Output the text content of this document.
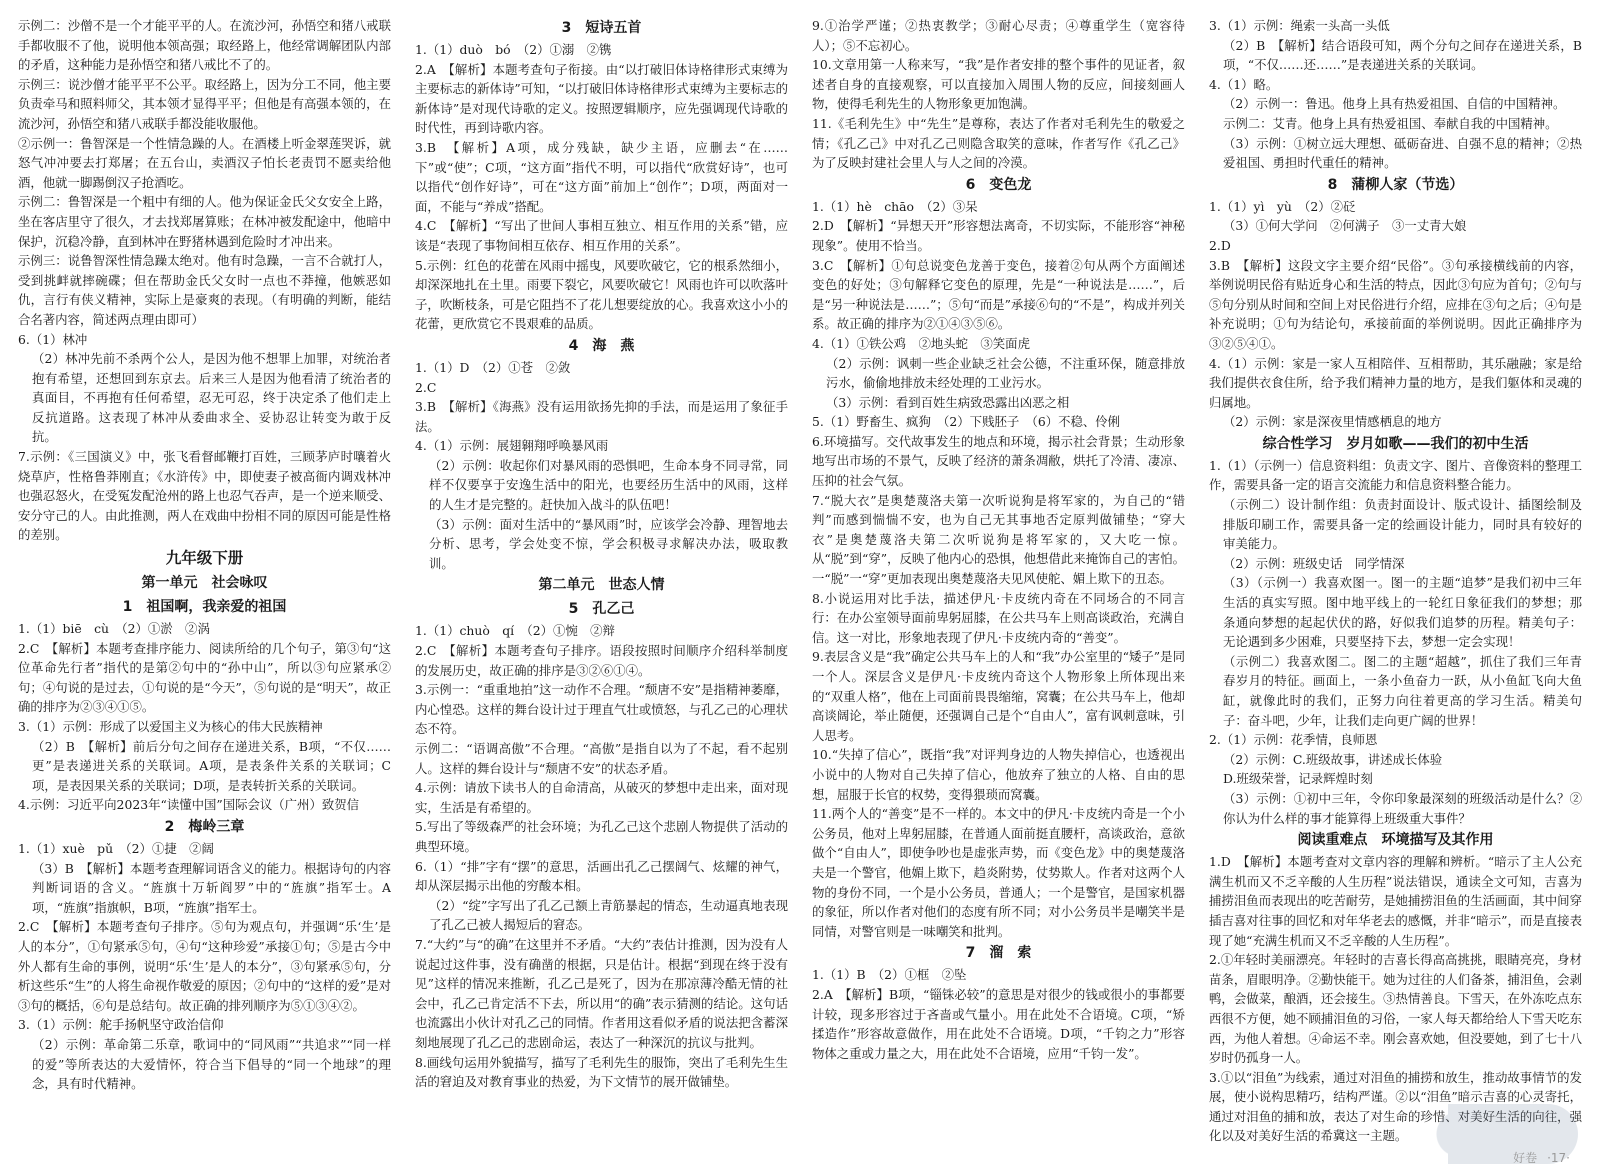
示例二：沙僧不是一个才能平平的人。在流沙河，孙悟空和猪八戒联手都收服不了他，说明他本领高强；取经路上，他经常调解团队内部的矛盾，这种能力是孙悟空和猪八戒比不了的。
示例三：说沙僧才能平平不公平。取经路上，因为分工不同，他主要负责牵马和照料师父，其本领才显得平平；但他是有高强本领的，在流沙河，孙悟空和猪八戒联手都没能收服他。
②示例一：鲁智深是一个性情急躁的人。在酒楼上听金翠莲哭诉，就怒气冲冲要去打郑屠；在五台山，卖酒汉子怕长老责罚不愿卖给他酒，他就一脚踢倒汉子抢酒吃。
示例二：鲁智深是一个粗中有细的人。他为保证金氏父女安全上路，坐在客店里守了很久，才去找郑屠算账；在林冲被发配途中，他暗中保护，沉稳冷静，直到林冲在野猪林遇到危险时才冲出来。
示例三：说鲁智深性情急躁太绝对。他有时急躁，一言不合就打人，受到挑衅就摔碗碟；但在帮助金氏父女时一点也不莽撞，他嫉恶如仇，言行有侠义精神，实际上是豪爽的表现。（有明确的判断，能结合名著内容，简述两点理由即可）
6.（1）林冲
（2）林冲先前不杀两个公人，是因为他不想罪上加罪，对统治者抱有希望，还想回到东京去。后来三人是因为他看清了统治者的真面目，不再抱有任何希望，忍无可忍，终于决定杀了他们走上反抗道路。这表现了林冲从委曲求全、妥协忍让转变为敢于反抗。
7.示例：《三国演义》中，张飞看督邮鞭打百姓，三顾茅庐时嚷着火烧草庐，性格鲁莽刚直；《水浒传》中，即使妻子被高衙内调戏林冲也强忍怒火，在受冤发配沧州的路上也忍气吞声，是一个逆来顺受、安分守己的人。由此推测，两人在戏曲中扮相不同的原因可能是性格的差别。
九年级下册
第一单元　社会咏叹
1　祖国啊，我亲爱的祖国
1.（1）biē　cù　（2）①淤　②涡
2.C　【解析】本题考查排序能力、阅读所给的几个句子，第③句“这位革命先行者”指代的是第②句中的“孙中山”，所以③句应紧承②句；④句说的是过去，①句说的是“今天”，⑤句说的是“明天”，故正确的排序为②③④①⑤。
3.（1）示例：形成了以爱国主义为核心的伟大民族精神
（2）B　【解析】前后分句之间存在递进关系，B项，“不仅……更”是表递进关系的关联词。A项，是表条件关系的关联词；C项，是表因果关系的关联词；D项，是表转折关系的关联词。
4.示例：习近平向2023年“读懂中国”国际会议（广州）致贺信
2　梅岭三章
1.（1）xuè　pǔ　（2）①捷　②阔
（3）B　【解析】本题考查理解词语含义的能力。根据诗句的内容判断词语的含义。“旌旗十万斩阎罗”中的“旌旗”指军士。A项，“旌旗”指旗帜，B项，“旌旗”指军士。
2.C　【解析】本题考查句子排序。⑤句为观点句，并强调“乐‘生’是人的本分”，①句紧承⑤句，④句“这种珍爱”承接①句；⑤是古今中外人都有生命的事例，说明“乐‘生’是人的本分”，③句紧承⑤句，分析这些乐“生”的人将生命视作敬爱的原因；②句中的“这样的爱”是对③句的概括，⑥句是总结句。故正确的排列顺序为⑤①③④②。
3.（1）示例：舵手扬帆坚守政治信仰
（2）示例：革命第二乐章，歌词中的“同风雨”“共追求”“同一样的爱”等所表达的大爱情怀，符合当下倡导的“同一个地球”的理念，具有时代精神。
3　短诗五首
1.（1）duò　bó　（2）①溺　②镌
2.A　【解析】本题考查句子衔接。由“以打破旧体诗格律形式束缚为主要标志的新体诗”可知，“以打破旧体诗格律形式束缚为主要标志的新体诗”是对现代诗歌的定义。按照逻辑顺序，应先强调现代诗歌的时代性，再到诗歌内容。
3.B　【解析】A项，成分残缺，缺少主语，应删去“在……下”或“使”；C项，“这方面”指代不明，可以指代“欣赏好诗”，也可以指代“创作好诗”，可在“这方面”前加上“创作”；D项，两面对一面，不能与“养成”搭配。
4.C　【解析】“写出了世间人事相互独立、相互作用的关系”错，应该是“表现了事物间相互依存、相互作用的关系”。
5.示例：红色的花蕾在风雨中摇曳，风要吹破它，它的根系然细小，却深深地扎在土里。雨要下裂它，风要吹破它！风雨也许可以吹落叶子，吹断枝条，可是它阻挡不了花儿想要绽放的心。我喜欢这小小的花蕾，更欣赏它不畏艰难的品质。
4　海　燕
1.（1）D　（2）①苍　②敛
2.C
3.B　【解析】《海燕》没有运用欲扬先抑的手法，而是运用了象征手法。
4.（1）示例：展翅翱翔呼唤暴风雨
（2）示例：收起你们对暴风雨的恐惧吧，生命本身不同寻常，同样不仅要享于安逸生活中的阳光，也要经历生活中的风雨，这样的人生才是完整的。赶快加入战斗的队伍吧！
（3）示例：面对生活中的“暴风雨”时，应该学会冷静、理智地去分析、思考，学会处变不惊，学会积极寻求解决办法，吸取教训。
第二单元　世态人情
5　孔乙己
1.（1）chuò　qí　（2）①惋　②辩
2.C　【解析】本题考查句子排序。语段按照时间顺序介绍科举制度的发展历史，故正确的排序是③②⑥①④。
3.示例一：“重重地拍”这一动作不合理。“颓唐不安”是指精神萎靡，内心惶恐。这样的舞台设计过于理直气壮或愤怒，与孔乙己的心理状态不符。
示例二：“语调高傲”不合理。“高傲”是指自以为了不起，看不起别人。这样的舞台设计与“颓唐不安”的状态矛盾。
4.示例：请放下读书人的自命清高，从破灭的梦想中走出来，面对现实，生活是有希望的。
5.写出了等级森严的社会环境；为孔乙己这个悲剧人物提供了活动的典型环境。
6.（1）“排”字有“摆”的意思，活画出孔乙己摆阔气、炫耀的神气，却从深层揭示出他的穷酸本相。
（2）“绽”字写出了孔乙己额上青筋暴起的情态，生动逼真地表现了孔乙己被人揭短后的窘态。
7.“大约”与“的确”在这里并不矛盾。“大约”表估计推测，因为没有人说起过这件事，没有确凿的根据，只是估计。根据“到现在终于没有见”这样的情况来推断，孔乙己是死了，因为在那凉薄冷酷无情的社会中，孔乙己肯定活不下去，所以用“的确”表示猜测的结论。这句话也流露出小伙计对孔乙己的同情。作者用这看似矛盾的说法把含蓄深刻地展现了孔乙己的悲剧命运，表达了一种深沉的抗议与批判。
8.画线句运用外貌描写，描写了毛利先生的服饰，突出了毛利先生生活的窘迫及对教育事业的热爱，为下文情节的展开做铺垫。
9.①治学严谨；②热衷教学；③耐心尽责；④尊重学生（宽容待人）；⑤不忘初心。
10.文章用第一人称来写，“我”是作者安排的整个事件的见证者，叙述者自身的直接观察，可以直接加入周围人物的反应，间接刻画人物，使得毛利先生的人物形象更加饱满。
11.《毛利先生》中“先生”是尊称，表达了作者对毛利先生的敬爱之情；《孔乙己》中对孔乙己则隐含取笑的意味，作者写作《孔乙己》为了反映封建社会里人与人之间的冷漠。
6　变色龙
1.（1）hè　chāo　（2）③呆
2.D　【解析】“异想天开”形容想法离奇，不切实际，不能形容“神秘现象”。使用不恰当。
3.C　【解析】①句总说变色龙善于变色，接着②句从两个方面阐述变色的好处；③句解释它变色的原理，先是“一种说法是……”，后是“另一种说法是……”；⑤句“而是”承接⑥句的“不是”，构成并列关系。故正确的排序为②①④③⑤⑥。
4.（1）①铁公鸡　②地头蛇　③笑面虎
（2）示例：讽刺一些企业缺乏社会公德，不注重环保，随意排放污水，偷偷地排放未经处理的工业污水。
（3）示例：看到百姓生病致恐露出凶恶之相
5.（1）野畜生、疯狗　（2）下贱胚子　（6）不稳、伶俐
6.环境描写。交代故事发生的地点和环境，揭示社会背景；生动形象地写出市场的不景气，反映了经济的萧条凋敝，烘托了冷清、凄凉、压抑的社会气氛。
7.“脱大衣”是奥楚蔑洛夫第一次听说狗是将军家的，为自己的“错判”而感到惴惴不安，也为自己无其事地否定原判做铺垫；“穿大衣”是奥楚蔑洛夫第二次听说狗是将军家的，又大吃一惊。从“脱”到“穿”，反映了他内心的恐惧，他想借此来掩饰自己的害怕。一“脱”一“穿”更加表现出奥楚蔑洛夫见风使舵、媚上欺下的丑态。
8.小说运用对比手法，描述伊凡·卡皮统内奇在不同场合的不同言行：在办公室领导面前卑躬屈膝，在公共马车上则高谈政治，充满自信。这一对比，形象地表现了伊凡·卡皮统内奇的“善变”。
9.表层含义是“我”确定公共马车上的人和“我”办公室里的“矮子”是同一个人。深层含义是伊凡·卡皮统内奇这个人物形象上所体现出来的“双重人格”，他在上司面前畏畏缩缩，窝囊；在公共马车上，他却高谈阔论，举止随便，还强调自己是个“自由人”，富有讽刺意味，引人思考。
10.“失掉了信心”，既指“我”对评判身边的人物失掉信心，也透视出小说中的人物对自己失掉了信心，他放弃了独立的人格、自由的思想，屈服于长官的权势，变得猥琐而窝囊。
11.两个人的“善变”是不一样的。本文中的伊凡·卡皮统内奇是一个小公务员，他对上卑躬屈膝，在普通人面前挺直腰杆，高谈政治，意欲做个“自由人”，即使争吵也是虚张声势，而《变色龙》中的奥楚蔑洛夫是一个警官，他媚上欺下，趋炎附势，仗势欺人。作者对这两个人物的身份不同，一个是小公务员，普通人；一个是警官，是国家机器的象征，所以作者对他们的态度有所不同；对小公务员半是嘲笑半是同情，对警官则是一味嘲笑和批判。
7　溜　索
1.（1）B　（2）①框　②坠
2.A　【解析】B项，“锱铢必较”的意思是对很少的钱或很小的事都要计较，现多形容过于吝啬或气量小。用在此处不合语境。C项，“矫揉造作”形容故意做作，用在此处不合语境。D项，“千钧之力”形容物体之重或力量之大，用在此处不合语境，应用“千钧一发”。
3.（1）示例：绳索一头高一头低
（2）B　【解析】结合语段可知，两个分句之间存在递进关系，B项，“不仅……还……”是表递进关系的关联词。
4.（1）略。
（2）示例一：鲁迅。他身上具有热爱祖国、自信的中国精神。
示例二：艾青。他身上具有热爱祖国、奉献自我的中国精神。
（3）示例：①树立远大理想、砥砺奋进、自强不息的精神；②热爱祖国、勇担时代重任的精神。
8　蒲柳人家（节选）
1.（1）yì　yù　（2）②砭
（3）①何大学问　②何满子　③一丈青大娘
2.D
3.B　【解析】这段文字主要介绍“民俗”。③句承接横线前的内容，举例说明民俗有贴近身心和生活的特点，因此③句应为首句；②句与⑤句分别从时间和空间上对民俗进行介绍，应排在③句之后；④句是补充说明；①句为结论句，承接前面的举例说明。因此正确排序为③②⑤④①。
4.（1）示例：家是一家人互相陪伴、互相帮助，其乐融融；家是给我们提供衣食住所，给予我们精神力量的地方，是我们躯体和灵魂的归属地。
（2）示例：家是深夜里情感栖息的地方
综合性学习　岁月如歌——我们的初中生活
1.（1）（示例一）信息资料组：负责文字、图片、音像资料的整理工作，需要具备一定的语言交流能力和信息资料整合能力。
（示例二）设计制作组：负责封面设计、版式设计、插图绘制及排版印刷工作，需要具备一定的绘画设计能力，同时具有较好的审美能力。
（2）示例：班级史话　同学情深
（3）（示例一）我喜欢图一。图一的主题“追梦”是我们初中三年生活的真实写照。图中地平线上的一轮红日象征我们的梦想；那条通向梦想的起起伏伏的路，好似我们追梦的历程。精美句子：无论遇到多少困难，只要坚持下去，梦想一定会实现！
（示例二）我喜欢图二。图二的主题“超越”，抓住了我们三年青春岁月的特征。画面上，一条小鱼奋力一跃，从小鱼缸飞向大鱼缸，就像此时的我们，正努力向往着更高的学习生活。精美句子：奋斗吧，少年，让我们走向更广阔的世界！
2.（1）示例：花季情，良师恩
（2）示例：C.班级故事，讲述成长体验
D.班级荣誉，记录辉煌时刻
（3）示例：①初中三年，令你印象最深刻的班级活动是什么？②你认为什么样的事才能算得上班级重大事件？
阅读重难点　环境描写及其作用
1.D　【解析】本题考查对文章内容的理解和辨析。“暗示了主人公充满生机而又不乏辛酸的人生历程”说法错误，通读全文可知，吉喜为捕捞泪鱼而表现出的吃苦耐劳，是她捕捞泪鱼的生活画面，其中间穿插吉喜对往事的回忆和对年华老去的感慨，并非“暗示”，而是直接表现了她“充满生机而又不乏辛酸的人生历程”。
2.①年轻时美丽漂亮。年轻时的吉喜长得高高挑挑，眼睛亮亮，身材苗条，眉眼明净。②勤快能干。她为过往的人们备茶，捕泪鱼，会剥鸭，会做菜，酿酒，还会接生。③热情善良。下雪天，在外冻吃点东西很不方便，她不顾捕泪鱼的习俗，一家人每天都给给人下雪天吃东西，为他人着想。④命运不幸。刚会喜欢她，但没要她，到了七十八岁时仍孤身一人。
3.①以“泪鱼”为线索，通过对泪鱼的捕捞和放生，推动故事情节的发展，使小说构思精巧，结构严谨。②以“泪鱼”暗示吉喜的心灵寄托，通过对泪鱼的捕和放，表达了对生命的珍惜、对美好生活的向往，强化以及对美好生活的希冀这一主题。
好卷 ·17·
